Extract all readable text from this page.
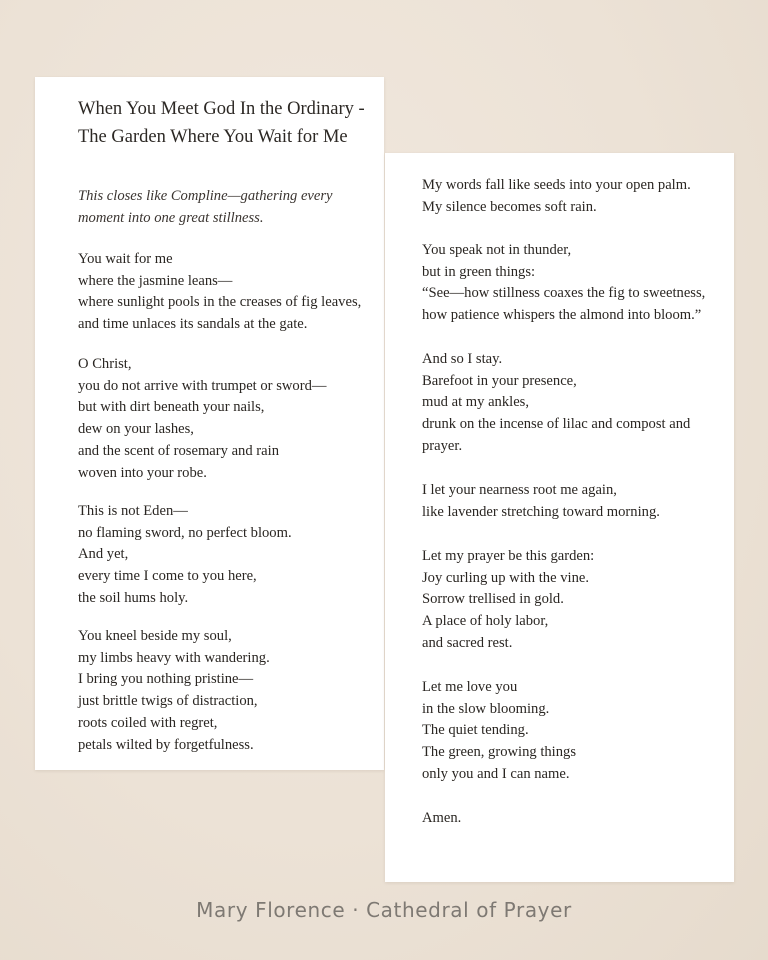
When You Meet God In the Ordinary - The Garden Where You Wait for Me

This closes like Compline—gathering every moment into one great stillness.

You wait for me
where the jasmine leans—
where sunlight pools in the creases of fig leaves,
and time unlaces its sandals at the gate.

O Christ,
you do not arrive with trumpet or sword—
but with dirt beneath your nails,
dew on your lashes,
and the scent of rosemary and rain
woven into your robe.

This is not Eden—
no flaming sword, no perfect bloom.
And yet,
every time I come to you here,
the soil hums holy.

You kneel beside my soul,
my limbs heavy with wandering.
I bring you nothing pristine—
just brittle twigs of distraction,
roots coiled with regret,
petals wilted by forgetfulness.

My words fall like seeds into your open palm.
My silence becomes soft rain.

You speak not in thunder,
but in green things:
“See—how stillness coaxes the fig to sweetness,
how patience whispers the almond into bloom.”

And so I stay.
Barefoot in your presence,
mud at my ankles,
drunk on the incense of lilac and compost and
prayer.

I let your nearness root me again,
like lavender stretching toward morning.

Let my prayer be this garden:
Joy curling up with the vine.
Sorrow trellised in gold.
A place of holy labor,
and sacred rest.

Let me love you
in the slow blooming.
The quiet tending.
The green, growing things
only you and I can name.

Amen.

Mary Florence · Cathedral of Prayer
